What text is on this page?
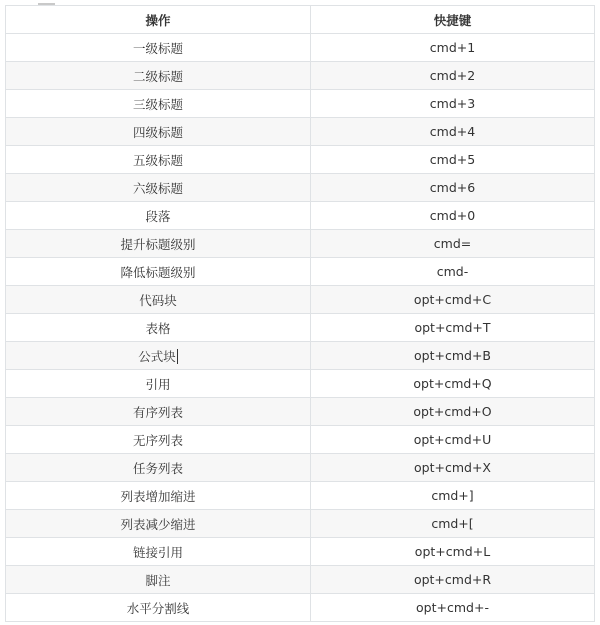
操作	快捷键
一级标题	cmd+1
二级标题	cmd+2
三级标题	cmd+3
四级标题	cmd+4
五级标题	cmd+5
六级标题	cmd+6
段落	cmd+0
提升标题级别	cmd=
降低标题级别	cmd-
代码块	opt+cmd+C
表格	opt+cmd+T
公式块	opt+cmd+B
引用	opt+cmd+Q
有序列表	opt+cmd+O
无序列表	opt+cmd+U
任务列表	opt+cmd+X
列表增加缩进	cmd+]
列表减少缩进	cmd+[
链接引用	opt+cmd+L
脚注	opt+cmd+R
水平分割线	opt+cmd+-
